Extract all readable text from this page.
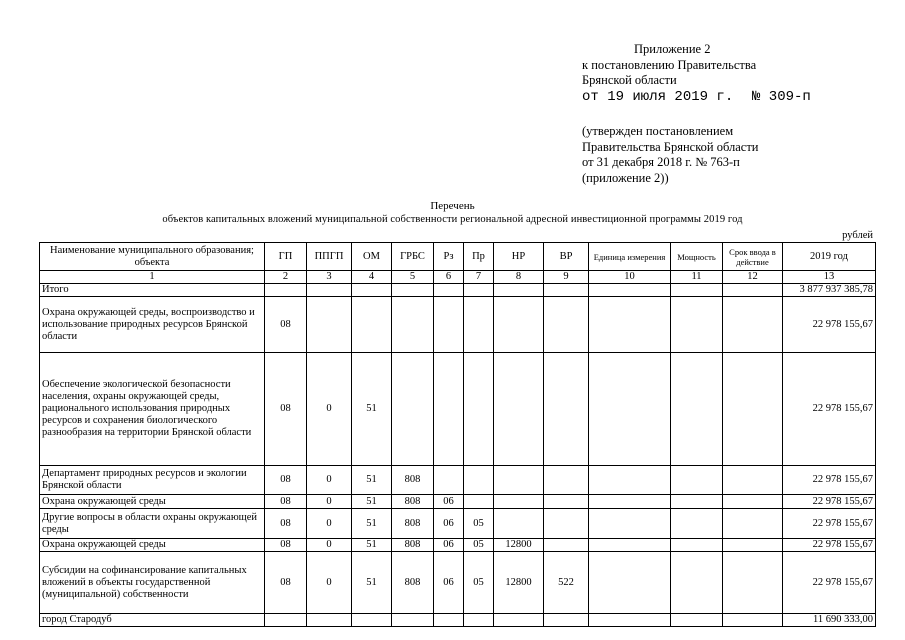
Приложение 2
к постановлению Правительства
Брянской области
от 19 июля 2019 г. № 309-п
(утвержден постановлением
Правительства Брянской области
от 31 декабря 2018 г. № 763-п
(приложение 2))
Перечень
объектов капитальных вложений муниципальной собственности региональной адресной инвестиционной программы 2019 год
рублей
Наименование муниципального образования; объекта	ГП	ППГП	ОМ	ГРБС	Рз	Пр	НР	ВР	Единица измерения	Мощность	Срок ввода в действие	2019 год
1	2	3	4	5	6	7	8	9	10	11	12	13
Итого												3 877 937 385,78
Охрана окружающей среды, воспроизводство и использование природных ресурсов Брянской области	08											22 978 155,67
Обеспечение экологической безопасности населения, охраны окружающей среды, рационального использования природных ресурсов и сохранения биологического разнообразия на территории Брянской области	08	0	51									22 978 155,67
Департамент природных ресурсов и экологии Брянской области	08	0	51	808								22 978 155,67
Охрана окружающей среды	08	0	51	808	06							22 978 155,67
Другие вопросы в области охраны окружающей среды	08	0	51	808	06	05						22 978 155,67
Охрана окружающей среды	08	0	51	808	06	05	12800					22 978 155,67
Субсидии на софинансирование капитальных вложений в объекты государственной (муниципальной) собственности	08	0	51	808	06	05	12800	522				22 978 155,67
город Стародуб												11 690 333,00
